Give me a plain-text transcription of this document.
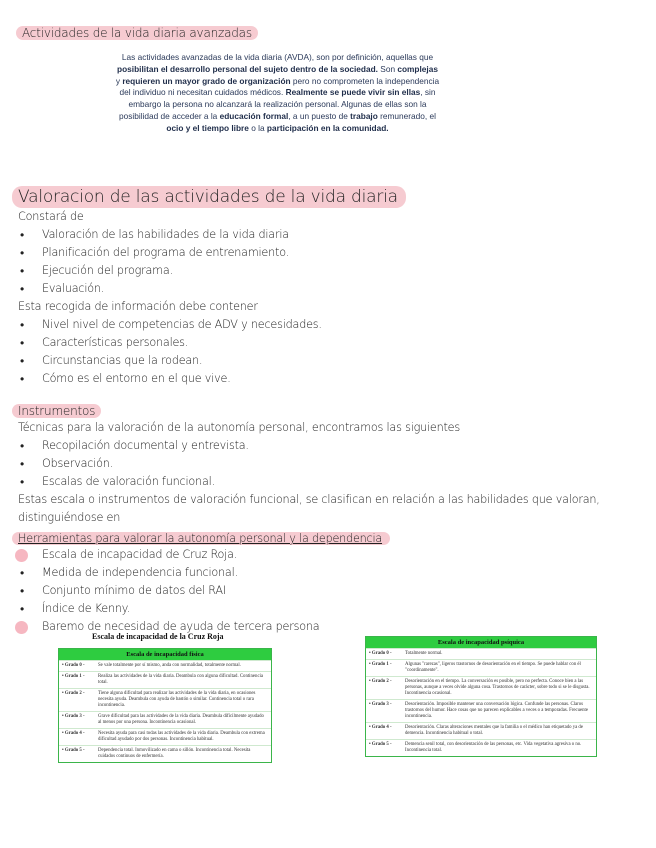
Actividades de la vida diaria avanzadas
Las actividades avanzadas de la vida diaria (AVDA), son por definición, aquellas que posibilitan el desarrollo personal del sujeto dentro de la sociedad. Son complejas y requieren un mayor grado de organización pero no comprometen la independencia del individuo ni necesitan cuidados médicos. Realmente se puede vivir sin ellas, sin embargo la persona no alcanzará la realización personal. Algunas de ellas son la posibilidad de acceder a la educación formal, a un puesto de trabajo remunerado, el ocio y el tiempo libre o la participación en la comunidad.
Valoracion de las actividades de la vida diaria
Constará de
• Valoración de las habilidades de la vida diaria
• Planificación del programa de entrenamiento.
• Ejecución del programa.
• Evaluación.
Esta recogida de información debe contener
• Nivel nivel de competencias de ADV y necesidades.
• Características personales.
• Circunstancias que la rodean.
• Cómo es el entorno en el que vive.
Instrumentos
Técnicas para la valoración de la autonomía personal, encontramos las siguientes
• Recopilación documental y entrevista.
• Observación.
• Escalas de valoración funcional.
Estas escala o instrumentos de valoración funcional, se clasifican en relación a las habilidades que valoran, distinguiéndose en
Herramientas para valorar la autonomía personal y la dependencia
Escala de incapacidad de Cruz Roja.
• Medida de independencia funcional.
• Conjunto mínimo de datos del RAI
• Índice de Kenny.
Baremo de necesidad de ayuda de tercera persona
Escala de incapacidad de la Cruz Roja
Escala de incapacidad física
• Grado 0 -	Se vale totalmente por sí mismo, anda con normalidad, totalmente normal.
• Grado 1 -	Realiza las actividades de la vida diaria. Deambula con alguna dificultad. Continencia total.
• Grado 2 -	Tiene alguna dificultad para realizar las actividades de la vida diaria, en ocasiones necesita ayuda. Deambula con ayuda de bastón o similar. Continencia total o rara incontinencia.
• Grado 3 -	Grave dificultad para las actividades de la vida diaria. Deambula difícilmente ayudado al menos por una persona. Incontinencia ocasional.
• Grado 4 -	Necesita ayuda para casi todas las actividades de la vida diaria. Deambula con extrema dificultad ayudado por dos personas. Incontinencia habitual.
• Grado 5 -	Dependencia total. Inmovilizado en cama o sillón. Incontinencia total. Necesita cuidados continuos de enfermería.
Escala de incapacidad psíquica
• Grado 0 -	Totalmente normal.
• Grado 1 -	Algunas "rarezas", ligeros trastornos de desorientación en el tiempo. Se puede hablar con él "coordinamente".
• Grado 2 -	Desorientación en el tiempo. La conversación es posible, pero no perfecta. Conoce bien a las personas, aunque a veces olvide alguna cosa. Trastornos de carácter, sobre todo si se le disgusta. Incontinencia ocasional.
• Grado 3 -	Desorientación. Imposible mantener una conversación lógica. Confunde las personas. Claros trastornos del humor. Hace cosas que no parecen explicables a veces o a temporadas. Frecuente incontinencia.
• Grado 4 -	Desorientación. Claras alteraciones mentales que la familia o el médico han etiquetado ya de demencia. Incontinencia habitual o total.
• Grado 5 -	Demencia senil total, con desorientación de las personas, etc. Vida vegetativa agresiva o no. Incontinencia total.
